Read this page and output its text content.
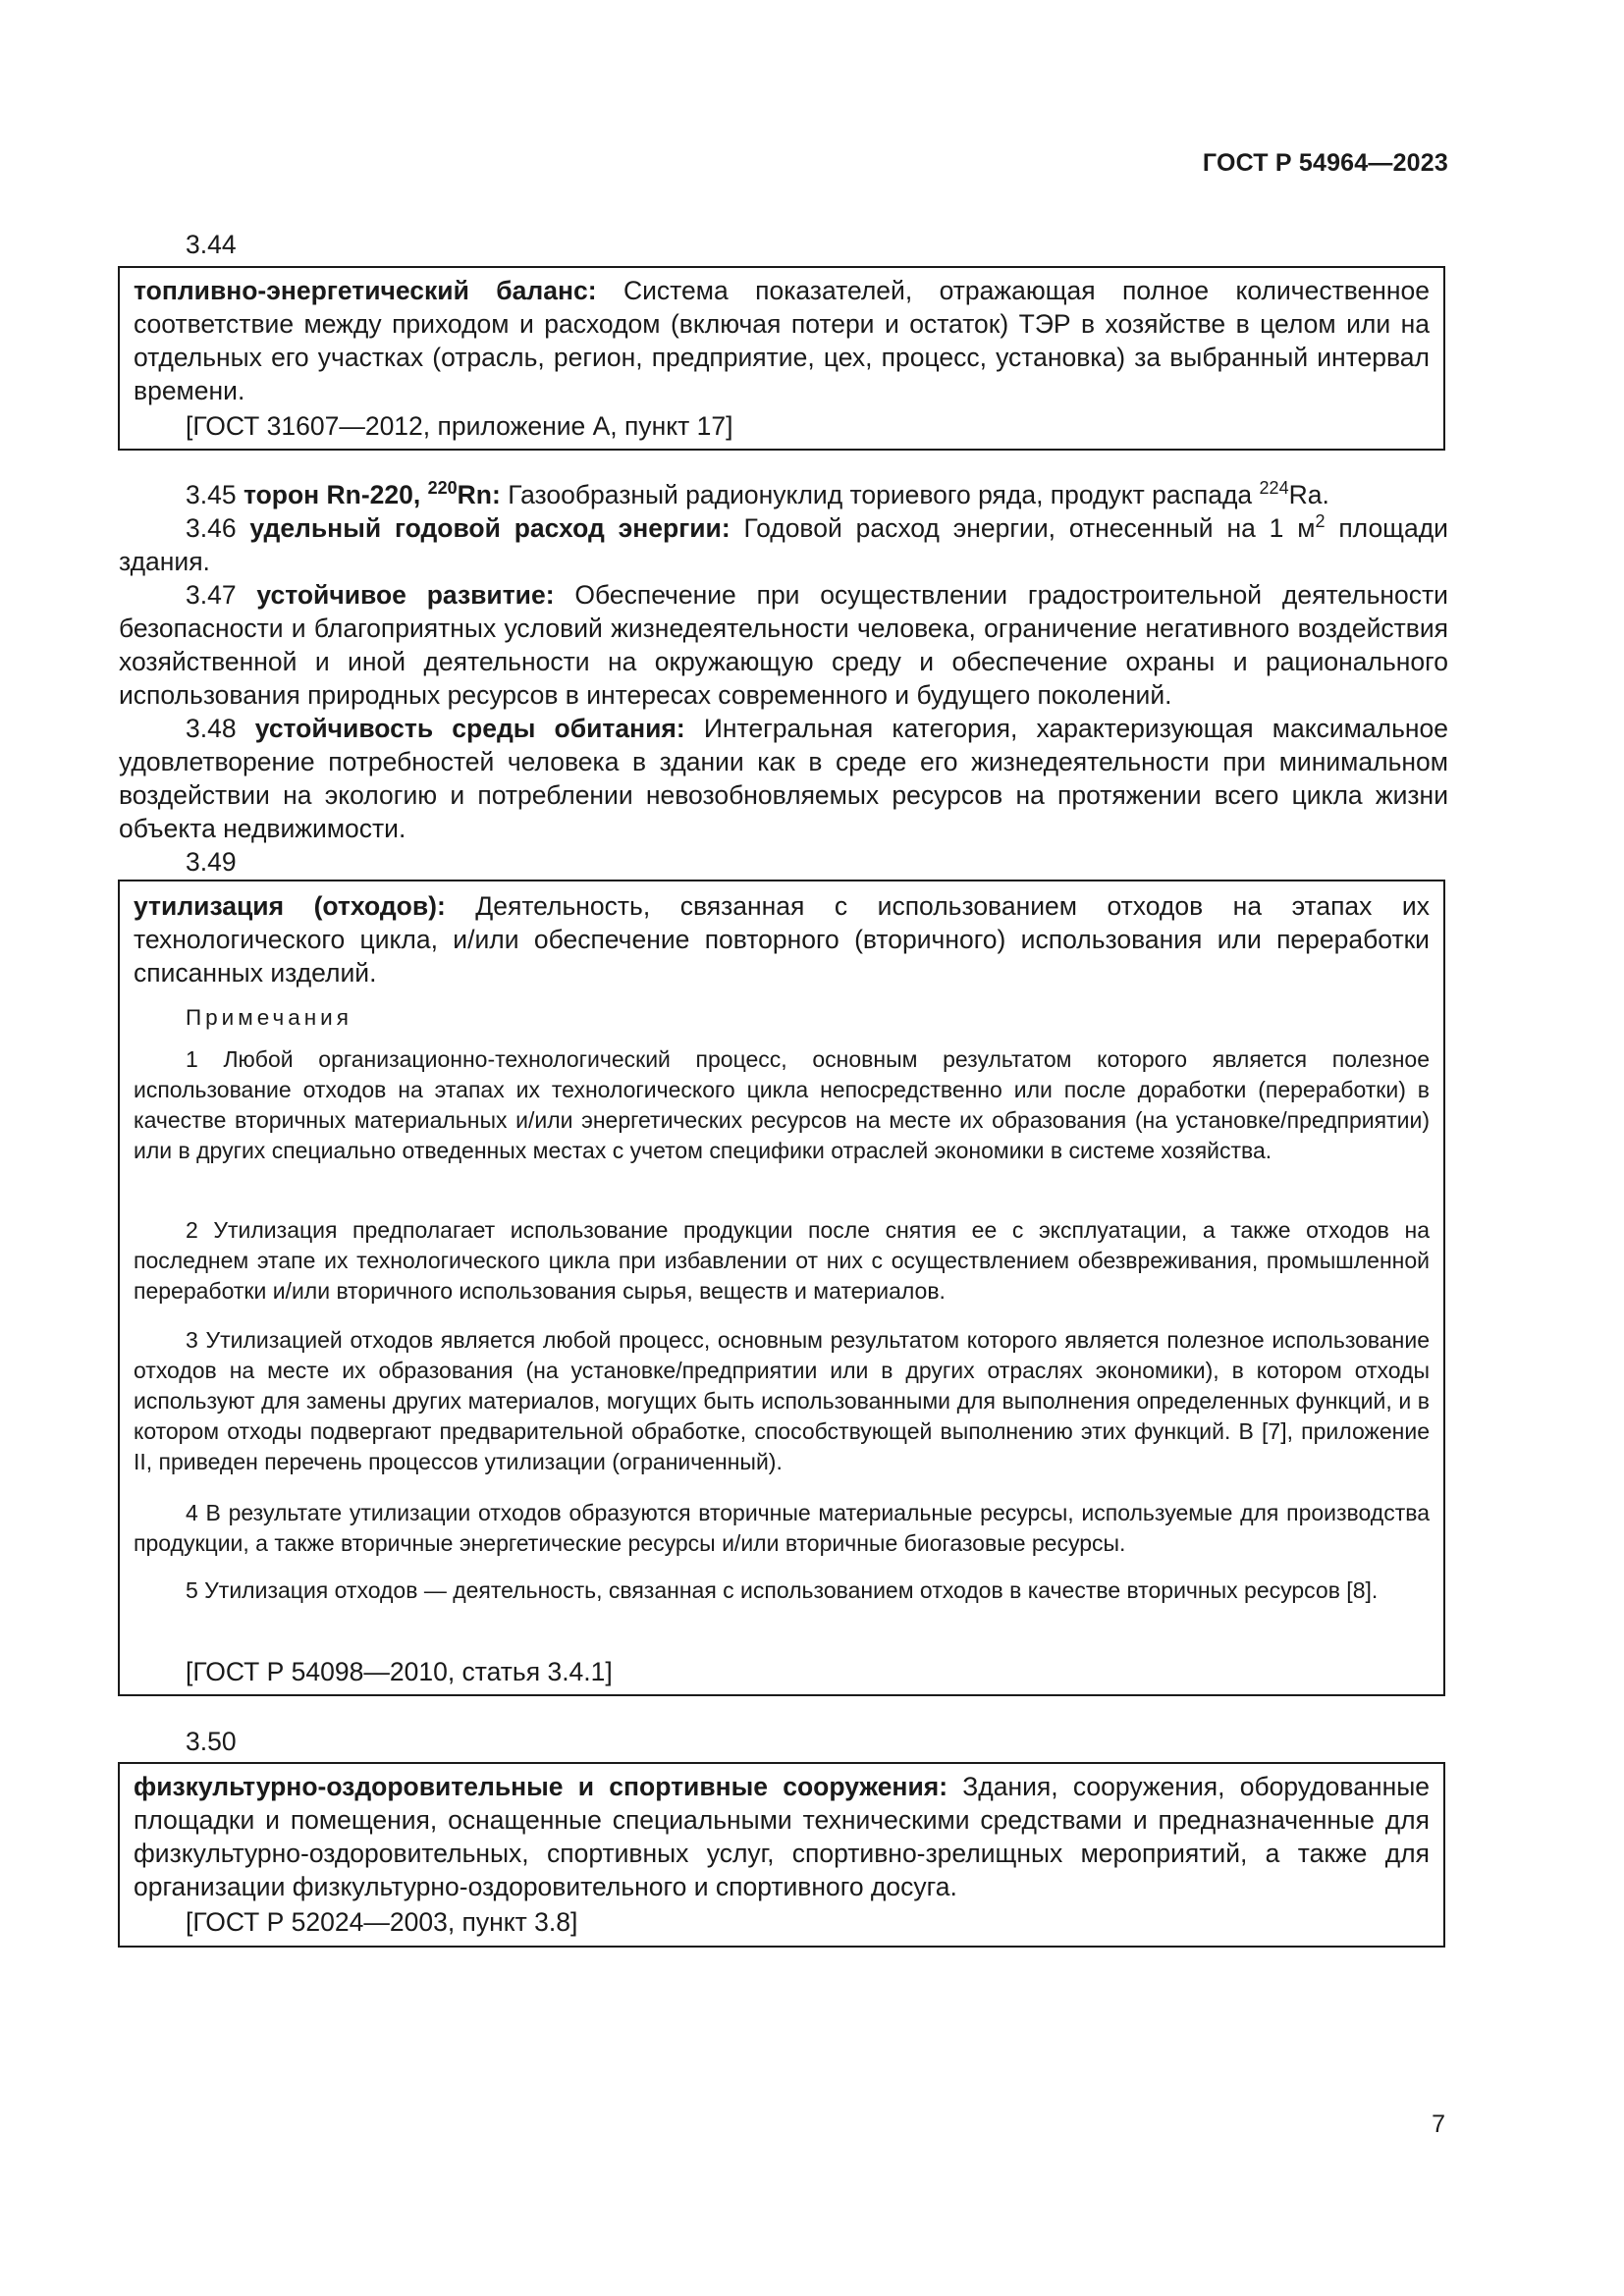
ГОСТ Р 54964—2023
3.44

топливно-энергетический баланс: Система показателей, отражающая полное количественное соответствие между приходом и расходом (включая потери и остаток) ТЭР в хозяйстве в целом или на отдельных его участках (отрасль, регион, предприятие, цех, процесс, установка) за выбранный интервал времени.

[ГОСТ 31607—2012, приложение А, пункт 17]

3.45 торон Rn-220, $^{220}$Rn: Газообразный радионуклид ториевого ряда, продукт распада $^{224}$Ra.

3.46 удельный годовой расход энергии: Годовой расход энергии, отнесенный на 1 $м^2$ площади здания.

3.47 устойчивое развитие: Обеспечение при осуществлении градостроительной деятельности безопасности и благоприятных условий жизнедеятельности человека, ограничение негативного воздействия хозяйственной и иной деятельности на окружающую среду и обеспечение охраны и рационального использования природных ресурсов в интересах современного и будущего поколений.

3.48 устойчивость среды обитания: Интегральная категория, характеризующая максимальное удовлетворение потребностей человека в здании как в среде его жизнедеятельности при минимальном воздействии на экологию и потреблении невозобновляемых ресурсов на протяжении всего цикла жизни объекта недвижимости.

3.49

утилизация (отходов): Деятельность, связанная с использованием отходов на этапах их технологического цикла, и/или обеспечение повторного (вторичного) использования или переработки списанных изделий.

Примечания

1 Любой организационно-технологический процесс, основным результатом которого является полезное использование отходов на этапах их технологического цикла непосредственно или после доработки (переработки) в качестве вторичных материальных и/или энергетических ресурсов на месте их образования (на установке/предприятии) или в других специально отведенных местах с учетом специфики отраслей экономики в системе хозяйства.

2 Утилизация предполагает использование продукции после снятия ее с эксплуатации, а также отходов на последнем этапе их технологического цикла при избавлении от них с осуществлением обезвреживания, промышленной переработки и/или вторичного использования сырья, веществ и материалов.

3 Утилизацией отходов является любой процесс, основным результатом которого является полезное использование отходов на месте их образования (на установке/предприятии или в других отраслях экономики), в котором отходы используют для замены других материалов, могущих быть использованными для выполнения определенных функций, и в котором отходы подвергают предварительной обработке, способствующей выполнению этих функций. В [7], приложение II, приведен перечень процессов утилизации (ограниченный).

4 В результате утилизации отходов образуются вторичные материальные ресурсы, используемые для производства продукции, а также вторичные энергетические ресурсы и/или вторичные биогазовые ресурсы.

5 Утилизация отходов — деятельность, связанная с использованием отходов в качестве вторичных ресурсов [8].

[ГОСТ Р 54098—2010, статья 3.4.1]
3.50

физкультурно-оздоровительные и спортивные сооружения: Здания, сооружения, оборудованные площадки и помещения, оснащенные специальными техническими средствами и предназначенные для физкультурно-оздоровительных, спортивных услуг, спортивно-зрелищных мероприятий, а также для организации физкультурно-оздоровительного и спортивного досуга.

[ГОСТ Р 52024—2003, пункт 3.8]
7
